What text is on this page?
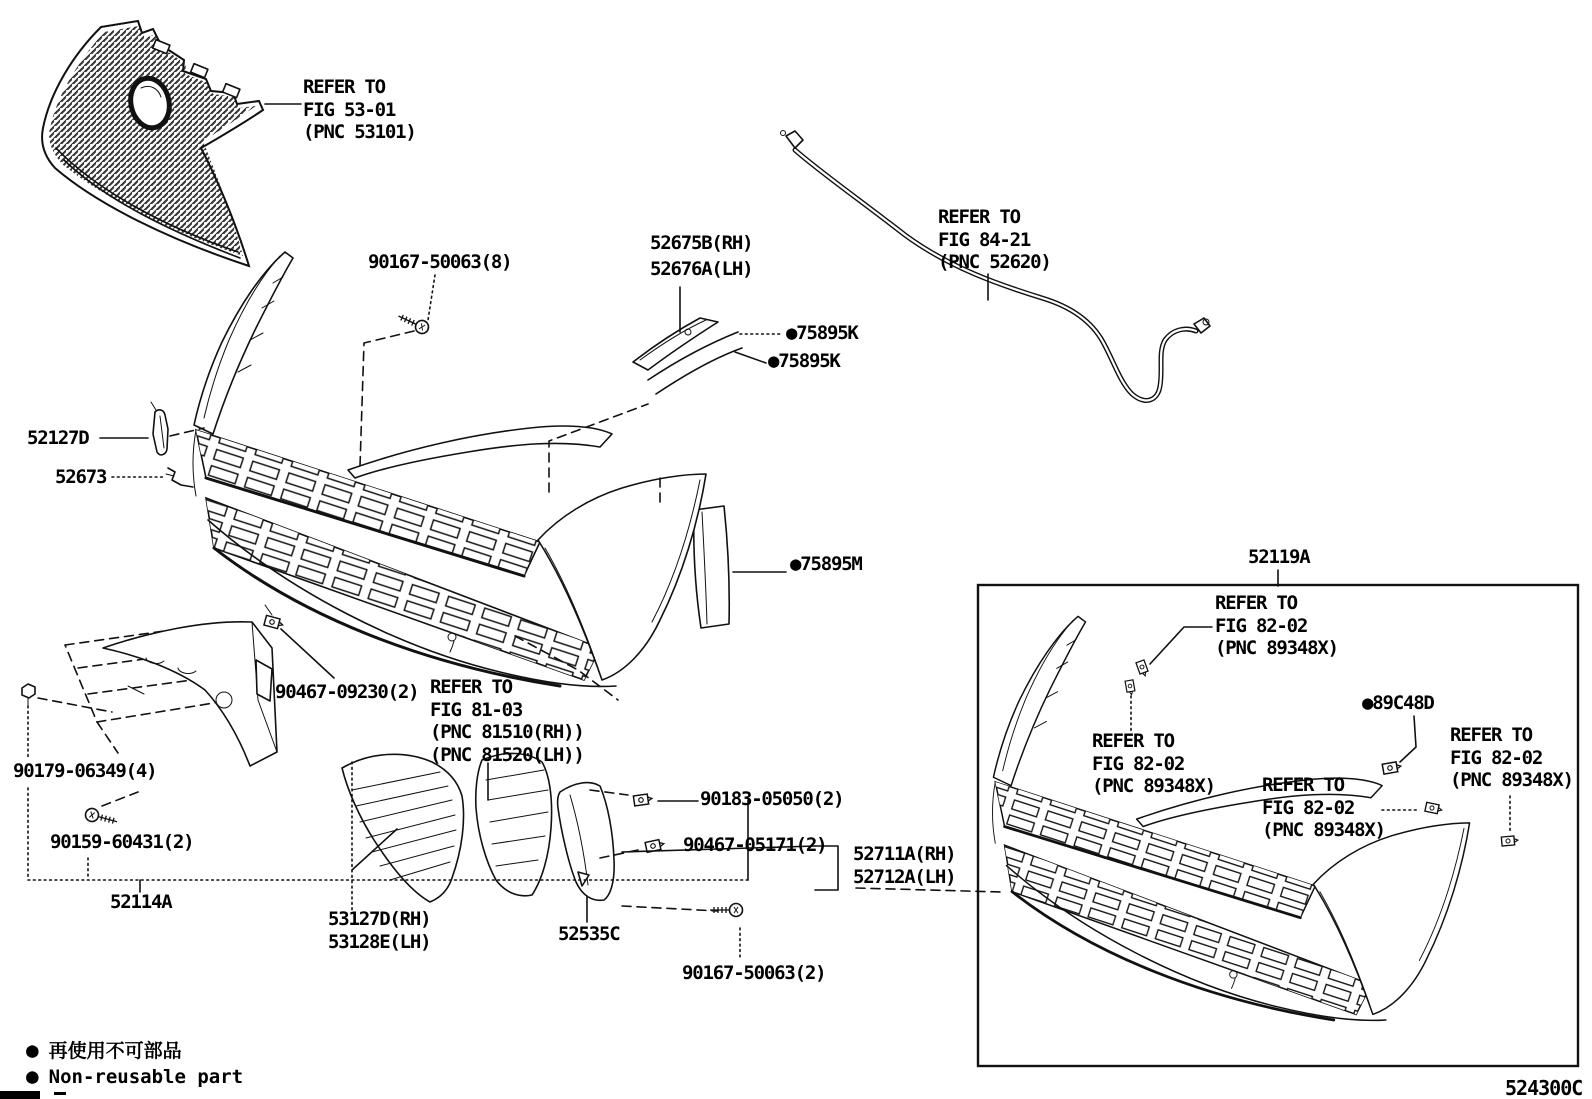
REFER TO
FIG 53-01
(PNC 53101)
90167-50063(8)
52675B(RH)
52676A(LH)
●75895K
●75895K
REFER TO
FIG 84-21
(PNC 52620)
52127D
52673
●75895M
90467-09230(2) REFER TO
FIG 81-03
(PNC 81510(RH))
(PNC 81520(LH))
90179-06349(4)
90159-60431(2)
52114A
53127D(RH)
53128E(LH)	52535C
90183-05050(2)
90467-05171(2) 52711A(RH)
52712A(LH)
90167-50063(2)
52119A
REFER TO
FIG 82-02
(PNC 89348X)
REFER TO
FIG 82-02
(PNC 89348X)
●89C48D
REFER TO
FIG 82-02
(PNC 89348X)
REFER TO
FIG 82-02
(PNC 89348X)
● 再使用不可部品
● Non-reusable part	524300C
